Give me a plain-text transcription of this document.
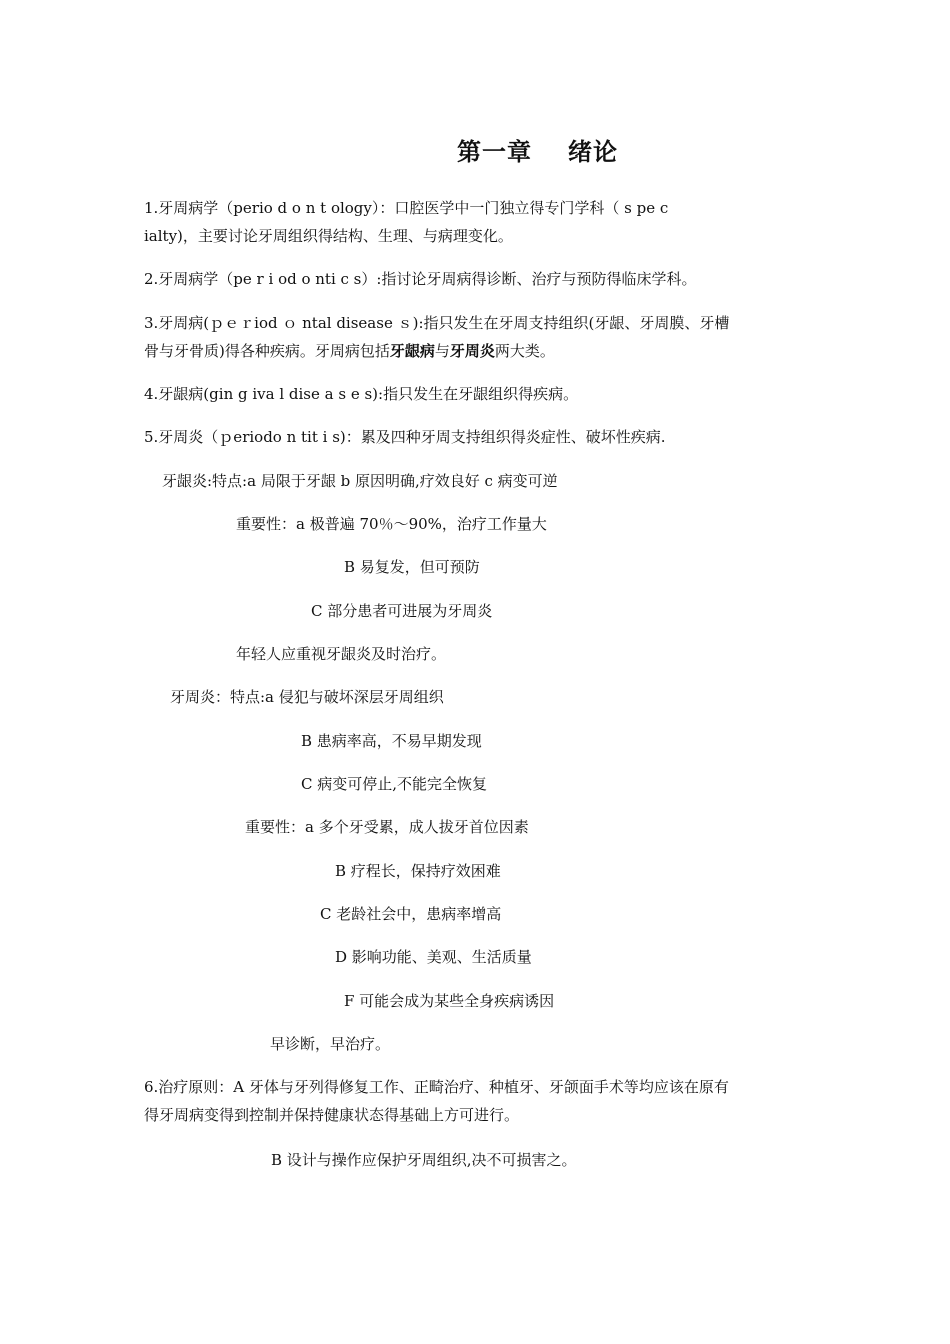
第一章 绪论
1.牙周病学（perio d o n t ology）：口腔医学中一门独立得专门学科（ s pe c
ialty)，主要讨论牙周组织得结构、生理、与病理变化。
2.牙周病学（pe r i od o nti c s）:指讨论牙周病得诊断、治疗与预防得临床学科。
3.牙周病(ｐｅｒiod ｏ ntal disease ｓ):指只发生在牙周支持组织(牙龈、牙周膜、牙槽
骨与牙骨质)得各种疾病。牙周病包括牙龈病与牙周炎两大类。
4.牙龈病(gin g iva l dise a s e s):指只发生在牙龈组织得疾病。
5.牙周炎（ｐeriodo n tit i s)：累及四种牙周支持组织得炎症性、破坏性疾病.
牙龈炎:特点:a 局限于牙龈 b 原因明确,疗效良好 c 病变可逆
重要性：a 极普遍 70％～90%，治疗工作量大
B 易复发，但可预防
C 部分患者可进展为牙周炎
年轻人应重视牙龈炎及时治疗。
牙周炎：特点:a 侵犯与破坏深层牙周组织
B 患病率高，不易早期发现
C 病变可停止,不能完全恢复
重要性：a 多个牙受累，成人拔牙首位因素
B 疗程长，保持疗效困难
C 老龄社会中，患病率增高
D 影响功能、美观、生活质量
F 可能会成为某些全身疾病诱因
早诊断，早治疗。
6.治疗原则：A 牙体与牙列得修复工作、正畸治疗、种植牙、牙颌面手术等均应该在原有
得牙周病变得到控制并保持健康状态得基础上方可进行。
B 设计与操作应保护牙周组织,决不可损害之。
